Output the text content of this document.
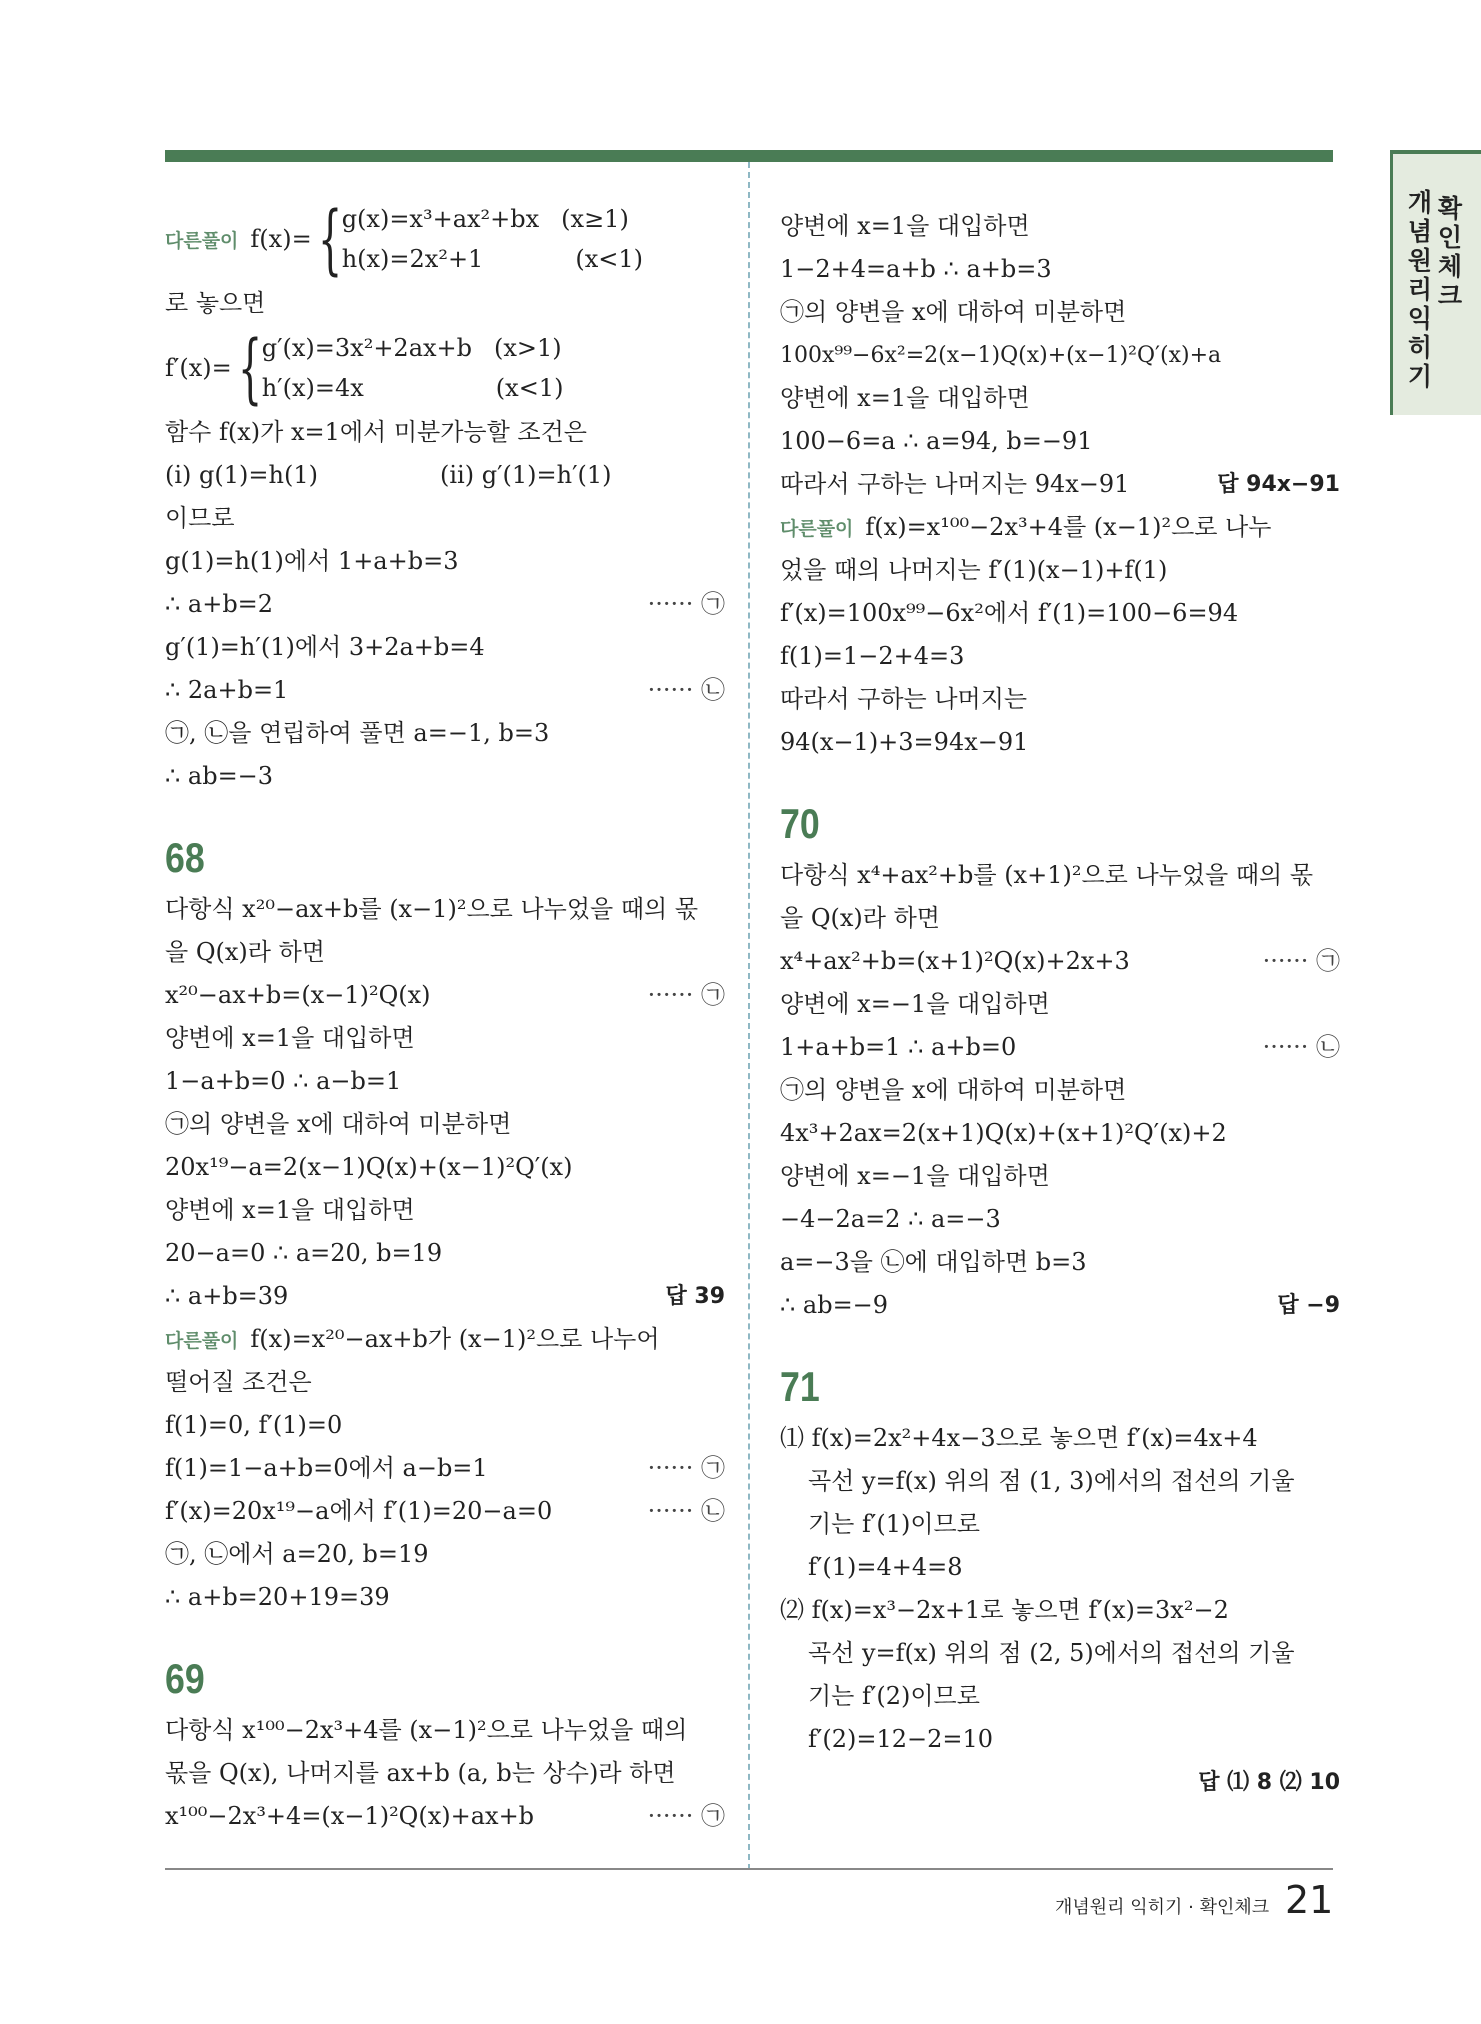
개념원리 익히기
확인체크
다른풀이 f(x)= { g(x)=x³+ax²+bx (x≥1)
h(x)=2x²+1	(x<1)
로 놓으면
f′(x)= { g′(x)=3x²+2ax+b (x>1)
h′(x)=4x	(x<1)
함수 f(x)가 x=1에서 미분가능할 조건은
(ⅰ) g(1)=h(1)	(ⅱ) g′(1)=h′(1)
이므로
g(1)=h(1)에서 1+a+b=3
∴ a+b=2	······ ㉠
g′(1)=h′(1)에서 3+2a+b=4
∴ 2a+b=1	······ ㉡
㉠, ㉡을 연립하여 풀면 a=−1, b=3
∴ ab=−3
68
다항식 x²⁰−ax+b를 (x−1)²으로 나누었을 때의 몫
을 Q(x)라 하면
x²⁰−ax+b=(x−1)²Q(x)	······ ㉠
양변에 x=1을 대입하면
1−a+b=0 ∴ a−b=1
㉠의 양변을 x에 대하여 미분하면
20x¹⁹−a=2(x−1)Q(x)+(x−1)²Q′(x)
양변에 x=1을 대입하면
20−a=0 ∴ a=20, b=19
∴ a+b=39	답 39
다른풀이 f(x)=x²⁰−ax+b가 (x−1)²으로 나누어
떨어질 조건은
f(1)=0, f′(1)=0
f(1)=1−a+b=0에서 a−b=1	······ ㉠
f′(x)=20x¹⁹−a에서 f′(1)=20−a=0	······ ㉡
㉠, ㉡에서 a=20, b=19
∴ a+b=20+19=39
69
다항식 x¹⁰⁰−2x³+4를 (x−1)²으로 나누었을 때의
몫을 Q(x), 나머지를 ax+b (a, b는 상수)라 하면
x¹⁰⁰−2x³+4=(x−1)²Q(x)+ax+b	······ ㉠
양변에 x=1을 대입하면
1−2+4=a+b ∴ a+b=3
㉠의 양변을 x에 대하여 미분하면
100x⁹⁹−6x²=2(x−1)Q(x)+(x−1)²Q′(x)+a
양변에 x=1을 대입하면
100−6=a ∴ a=94, b=−91
따라서 구하는 나머지는 94x−91	답 94x−91
다른풀이 f(x)=x¹⁰⁰−2x³+4를 (x−1)²으로 나누
었을 때의 나머지는 f′(1)(x−1)+f(1)
f′(x)=100x⁹⁹−6x²에서 f′(1)=100−6=94
f(1)=1−2+4=3
따라서 구하는 나머지는
94(x−1)+3=94x−91
70
다항식 x⁴+ax²+b를 (x+1)²으로 나누었을 때의 몫
을 Q(x)라 하면
x⁴+ax²+b=(x+1)²Q(x)+2x+3	······ ㉠
양변에 x=−1을 대입하면
1+a+b=1 ∴ a+b=0	······ ㉡
㉠의 양변을 x에 대하여 미분하면
4x³+2ax=2(x+1)Q(x)+(x+1)²Q′(x)+2
양변에 x=−1을 대입하면
−4−2a=2 ∴ a=−3
a=−3을 ㉡에 대입하면 b=3
∴ ab=−9	답 −9
71
⑴ f(x)=2x²+4x−3으로 놓으면 f′(x)=4x+4
곡선 y=f(x) 위의 점 (1, 3)에서의 접선의 기울
기는 f′(1)이므로
f′(1)=4+4=8
⑵ f(x)=x³−2x+1로 놓으면 f′(x)=3x²−2
곡선 y=f(x) 위의 점 (2, 5)에서의 접선의 기울
기는 f′(2)이므로
f′(2)=12−2=10
답 ⑴ 8 ⑵ 10
개념원리 익히기 · 확인체크 21
